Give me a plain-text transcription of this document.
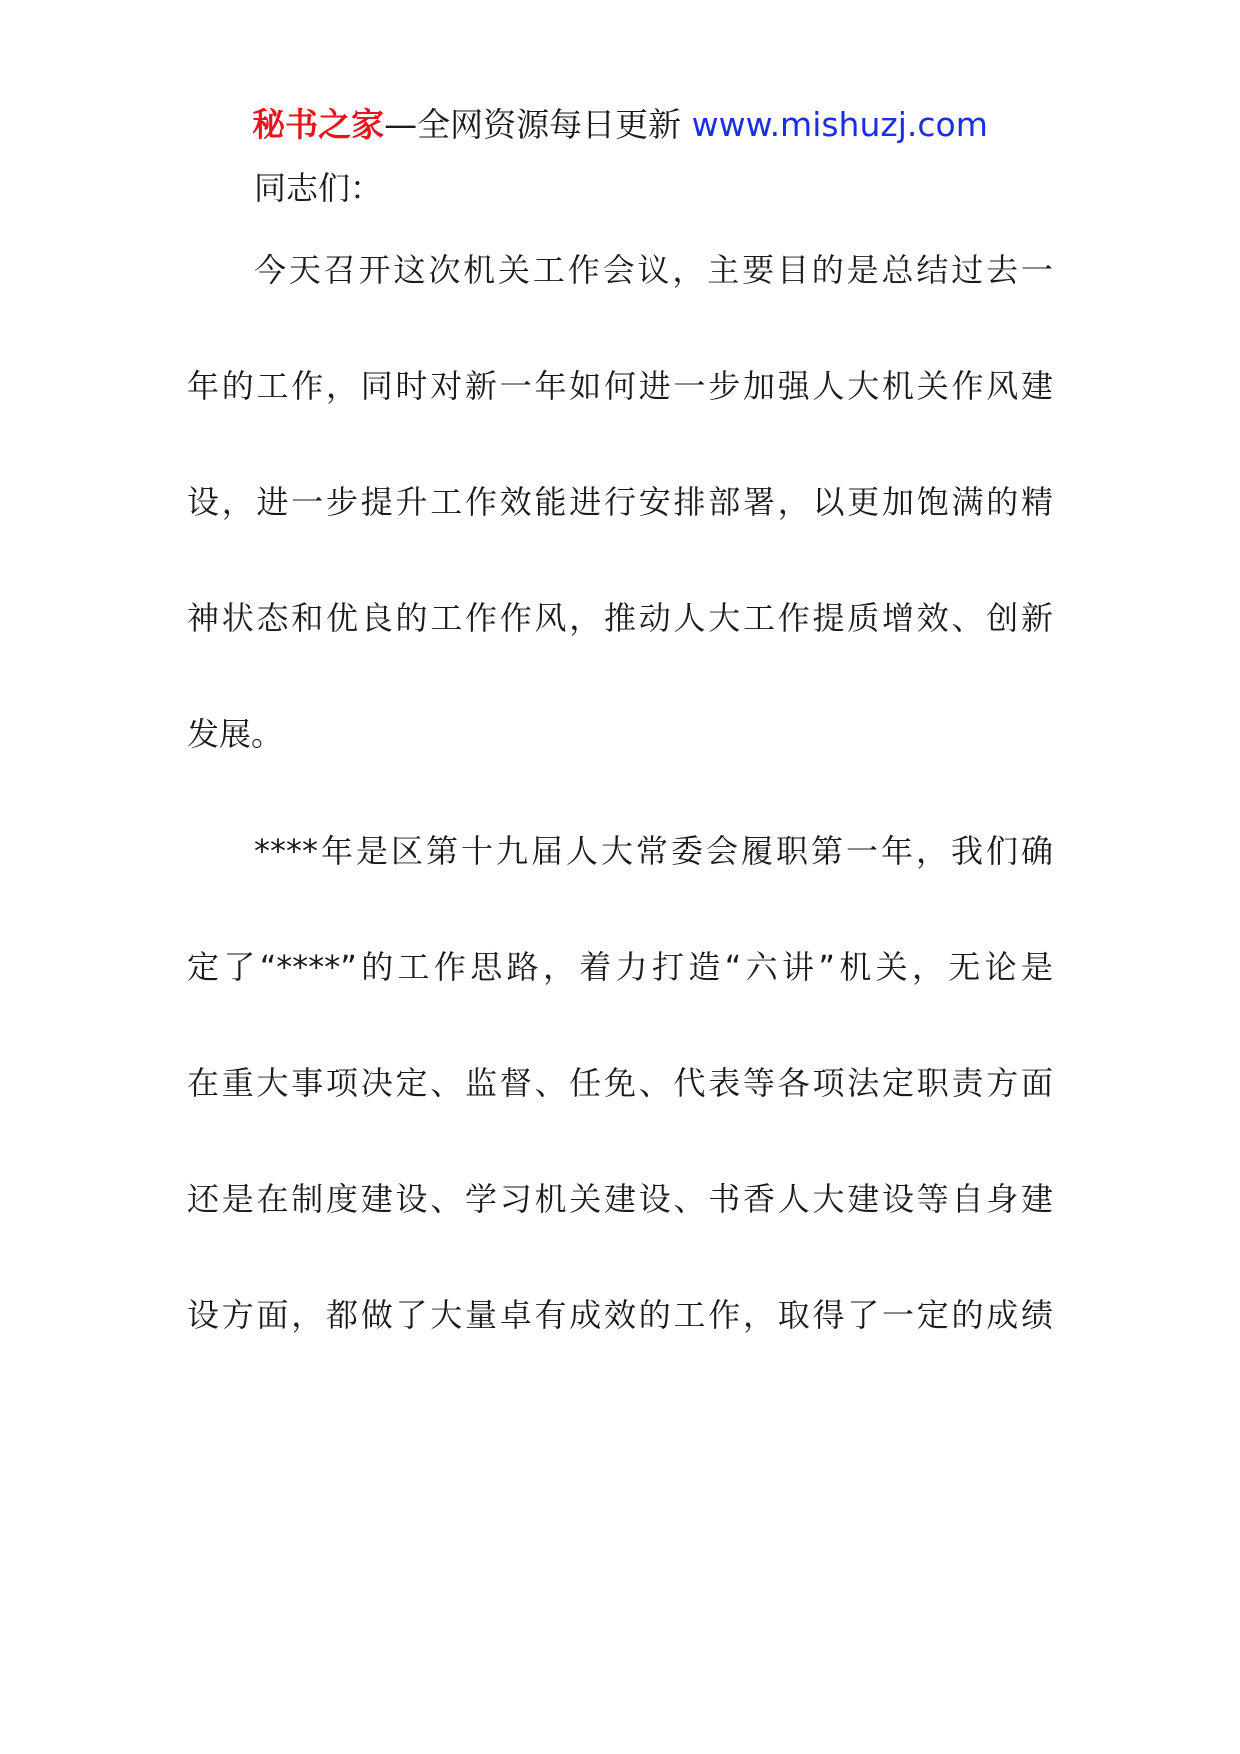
秘书之家—全网资源每日更新 www.mishuzj.com
同志们：
今天召开这次机关工作会议，主要目的是总结过去一
年的工作，同时对新一年如何进一步加强人大机关作风建
设，进一步提升工作效能进行安排部署，以更加饱满的精
神状态和优良的工作作风，推动人大工作提质增效、创新
发展。
****年是区第十九届人大常委会履职第一年，我们确
定了“****”的工作思路，着力打造“六讲”机关，无论是
在重大事项决定、监督、任免、代表等各项法定职责方面
还是在制度建设、学习机关建设、书香人大建设等自身建
设方面，都做了大量卓有成效的工作，取得了一定的成绩
